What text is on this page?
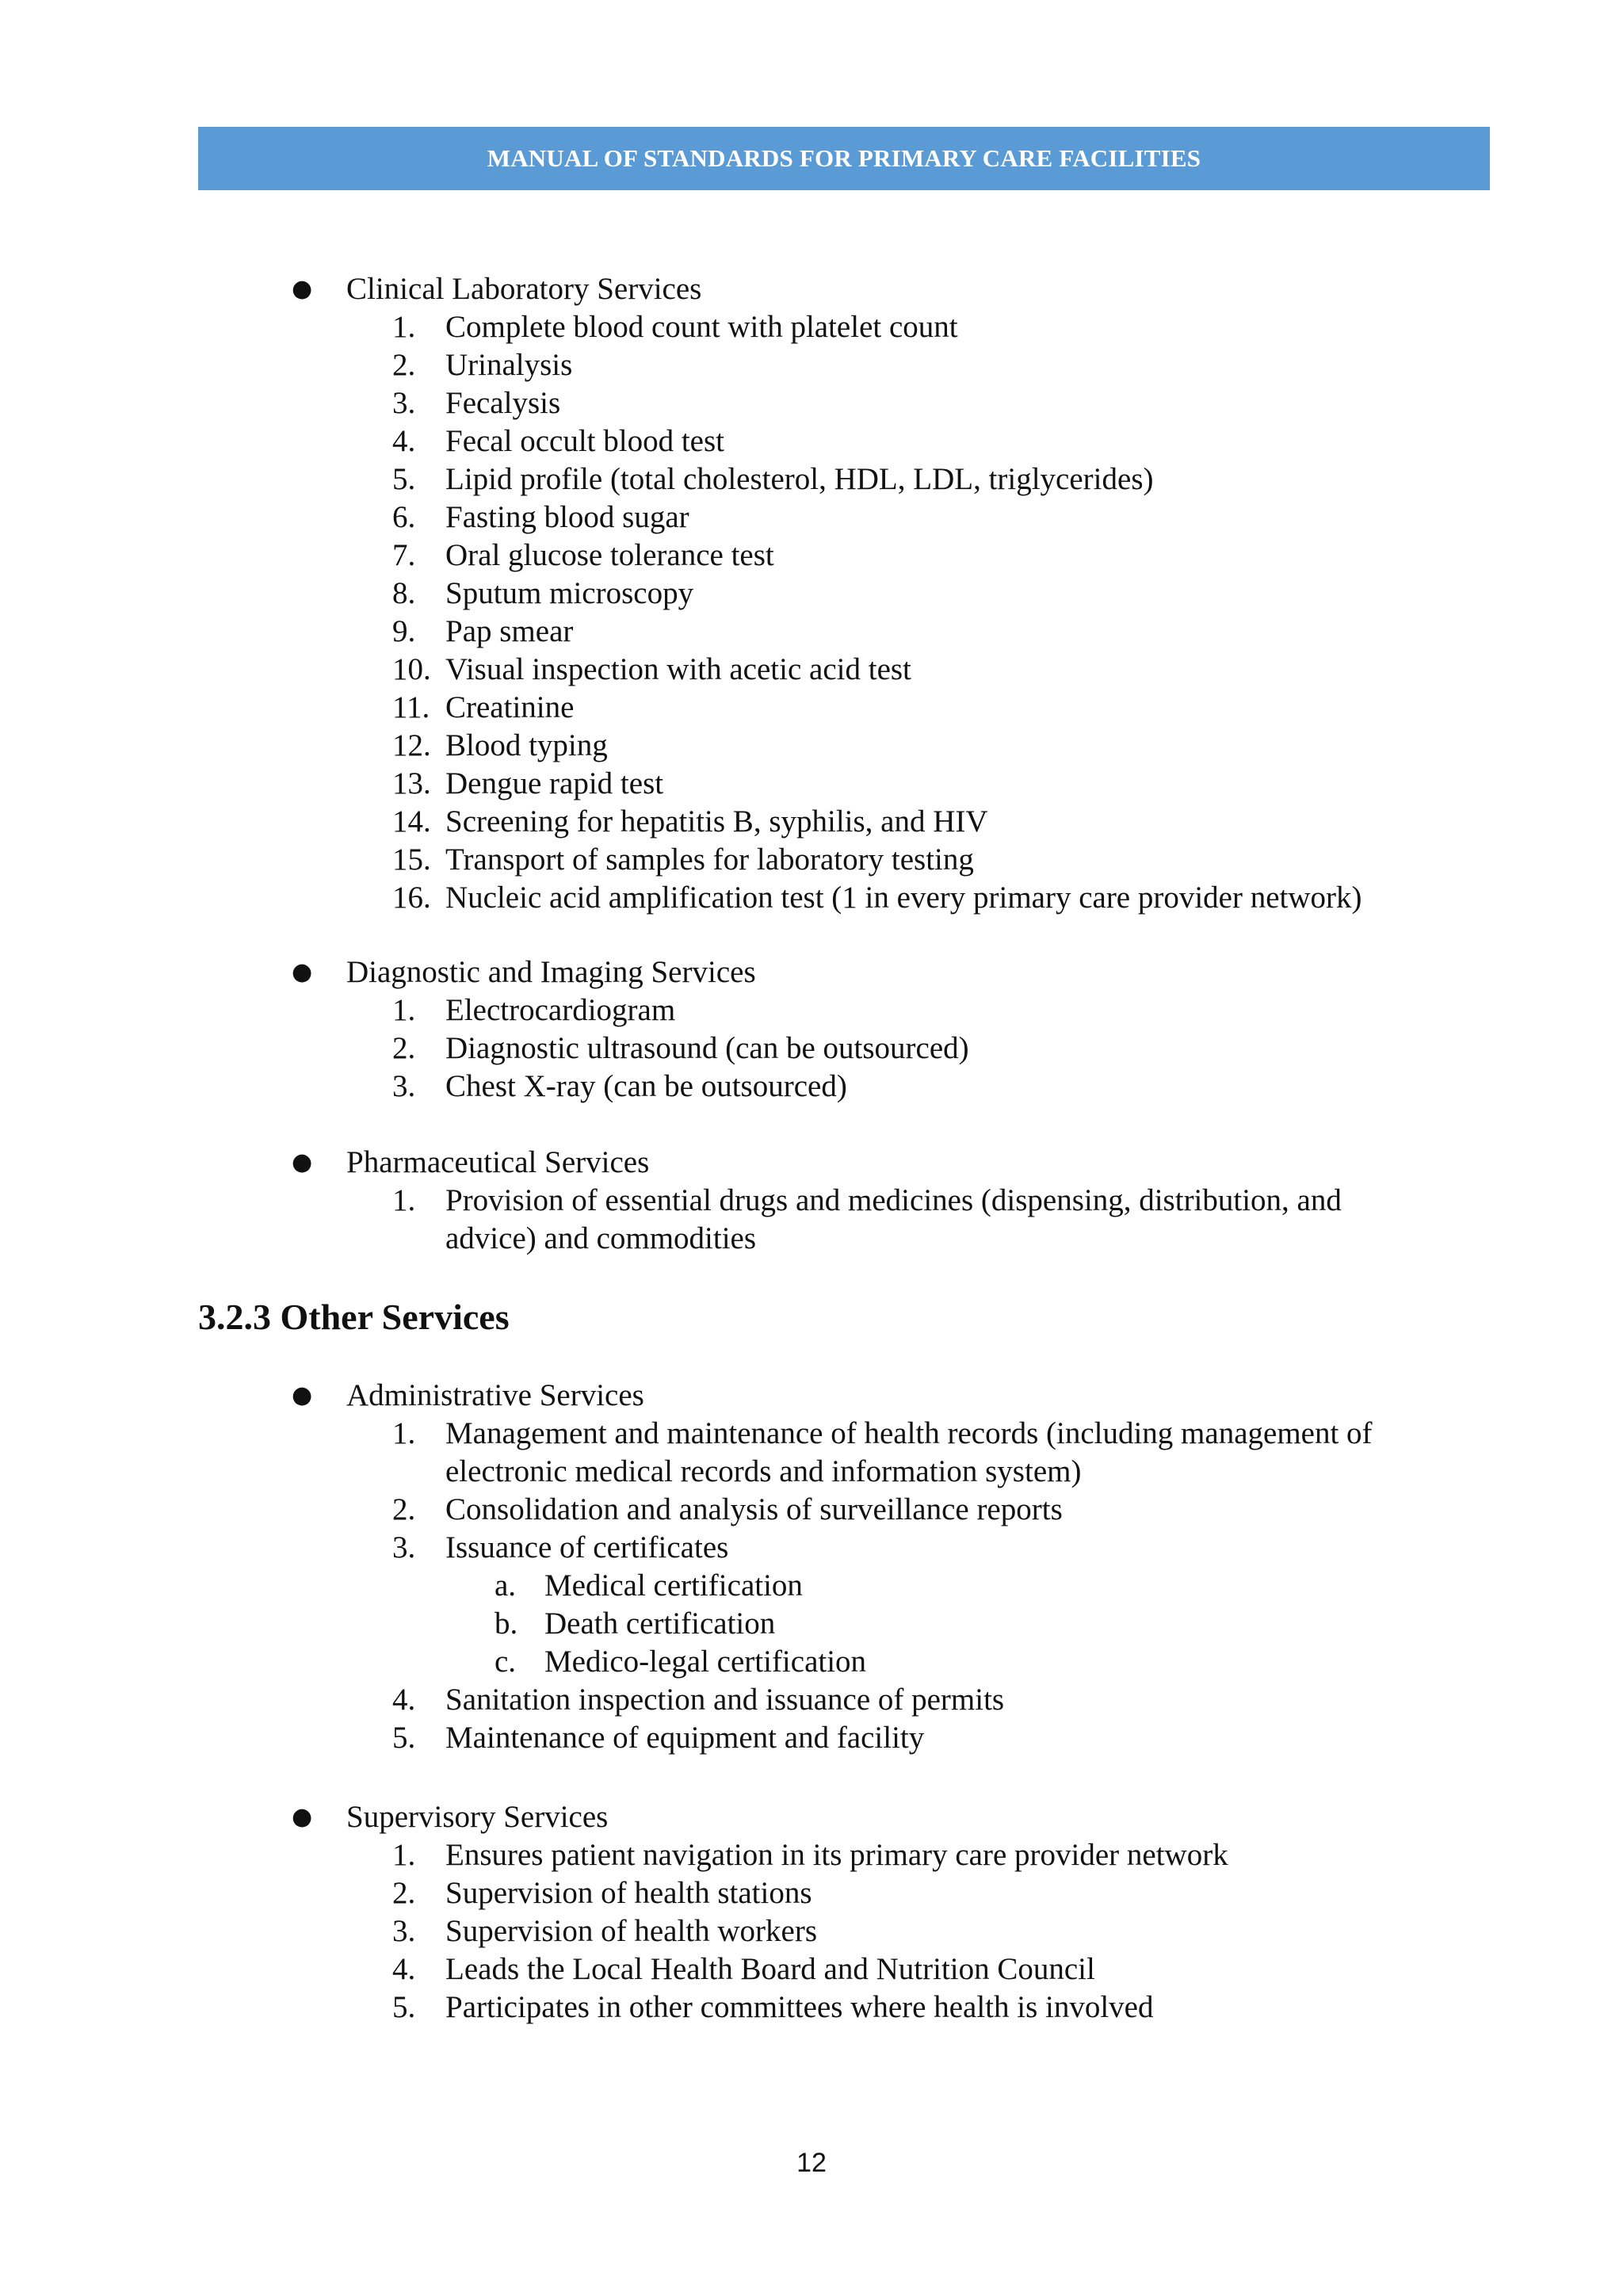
MANUAL OF STANDARDS FOR PRIMARY CARE FACILITIES
● Clinical Laboratory Services
1. Complete blood count with platelet count
2. Urinalysis
3. Fecalysis
4. Fecal occult blood test
5. Lipid profile (total cholesterol, HDL, LDL, triglycerides)
6. Fasting blood sugar
7. Oral glucose tolerance test
8. Sputum microscopy
9. Pap smear
10. Visual inspection with acetic acid test
11. Creatinine
12. Blood typing
13. Dengue rapid test
14. Screening for hepatitis B, syphilis, and HIV
15. Transport of samples for laboratory testing
16. Nucleic acid amplification test (1 in every primary care provider network)
● Diagnostic and Imaging Services
1. Electrocardiogram
2. Diagnostic ultrasound (can be outsourced)
3. Chest X-ray (can be outsourced)
● Pharmaceutical Services
1. Provision of essential drugs and medicines (dispensing, distribution, and
advice) and commodities
3.2.3 Other Services
● Administrative Services
1. Management and maintenance of health records (including management of
electronic medical records and information system)
2. Consolidation and analysis of surveillance reports
3. Issuance of certificates
a. Medical certification
b. Death certification
c. Medico-legal certification
4. Sanitation inspection and issuance of permits
5. Maintenance of equipment and facility
● Supervisory Services
1. Ensures patient navigation in its primary care provider network
2. Supervision of health stations
3. Supervision of health workers
4. Leads the Local Health Board and Nutrition Council
5. Participates in other committees where health is involved
12
